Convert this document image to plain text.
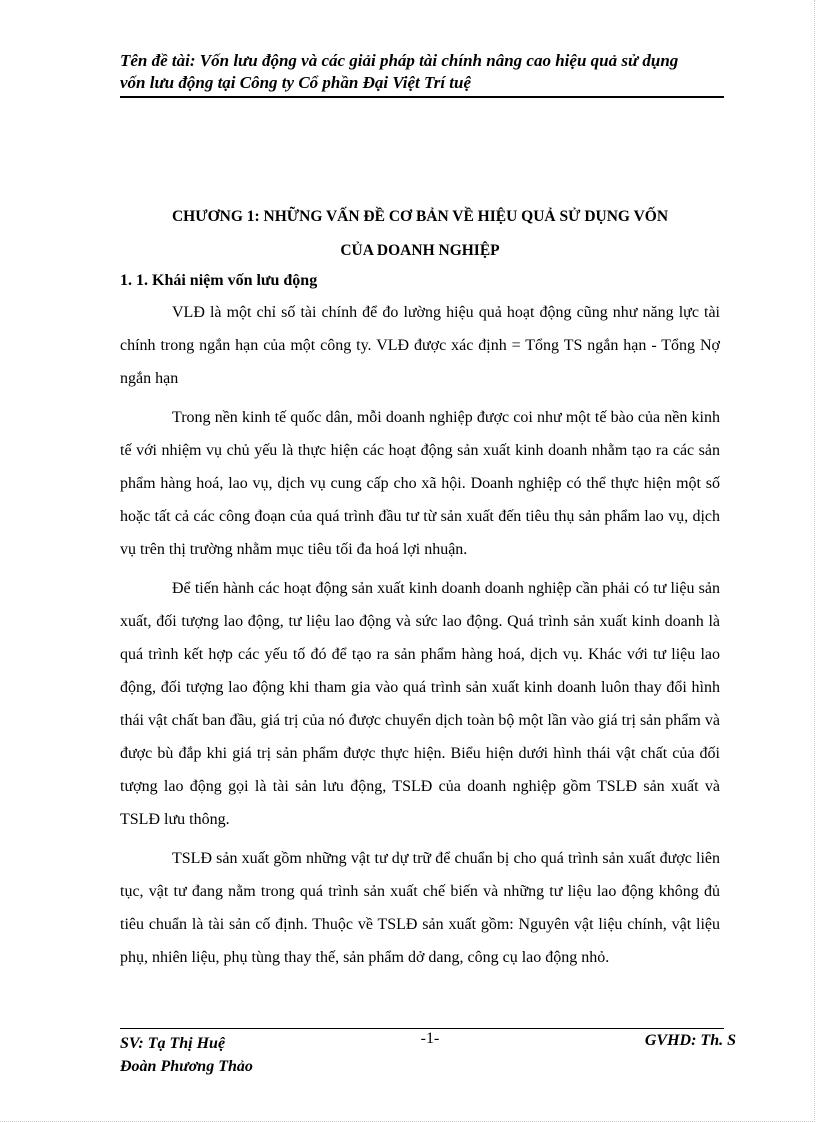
Tên đề tài: Vốn lưu động và các giải pháp tài chính nâng cao hiệu quả sử dụng
vốn lưu động tại Công ty Cổ phần Đại Việt Trí tuệ
CHƯƠNG 1: NHỮNG VẤN ĐỀ CƠ BẢN VỀ HIỆU QUẢ SỬ DỤNG VỐN
CỦA DOANH NGHIỆP
1. 1. Khái niệm vốn lưu động

VLĐ là một chỉ số tài chính để đo lường hiệu quả hoạt động cũng như năng lực tài chính trong ngắn hạn của một công ty. VLĐ được xác định = Tổng TS ngắn hạn - Tổng Nợ ngắn hạn

Trong nền kinh tế quốc dân, mỗi doanh nghiệp được coi như một tế bào của nền kinh tế với nhiệm vụ chủ yếu là thực hiện các hoạt động sản xuất kinh doanh nhằm tạo ra các sản phẩm hàng hoá, lao vụ, dịch vụ cung cấp cho xã hội. Doanh nghiệp có thể thực hiện một số hoặc tất cả các công đoạn của quá trình đầu tư từ sản xuất đến tiêu thụ sản phẩm lao vụ, dịch vụ trên thị trường nhằm mục tiêu tối đa hoá lợi nhuận.

Để tiến hành các hoạt động sản xuất kinh doanh doanh nghiệp cần phải có tư liệu sản xuất, đối tượng lao động, tư liệu lao động và sức lao động. Quá trình sản xuất kinh doanh là quá trình kết hợp các yếu tố đó để tạo ra sản phẩm hàng hoá, dịch vụ. Khác với tư liệu lao động, đối tượng lao động khi tham gia vào quá trình sản xuất kinh doanh luôn thay đổi hình thái vật chất ban đầu, giá trị của nó được chuyển dịch toàn bộ một lần vào giá trị sản phẩm và được bù đắp khi giá trị sản phẩm được thực hiện. Biểu hiện dưới hình thái vật chất của đối tượng lao động gọi là tài sản lưu động, TSLĐ của doanh nghiệp gồm TSLĐ sản xuất và TSLĐ lưu thông.

TSLĐ sản xuất gồm những vật tư dự trữ để chuẩn bị cho quá trình sản xuất được liên tục, vật tư đang nằm trong quá trình sản xuất chế biến và những tư liệu lao động không đủ tiêu chuẩn là tài sản cố định. Thuộc về TSLĐ sản xuất gồm: Nguyên vật liệu chính, vật liệu phụ, nhiên liệu, phụ tùng thay thế, sản phẩm dở dang, công cụ lao động nhỏ.

SV: Tạ Thị Huệ
Đoàn Phương Thảo
-1-	GVHD: Th. S
